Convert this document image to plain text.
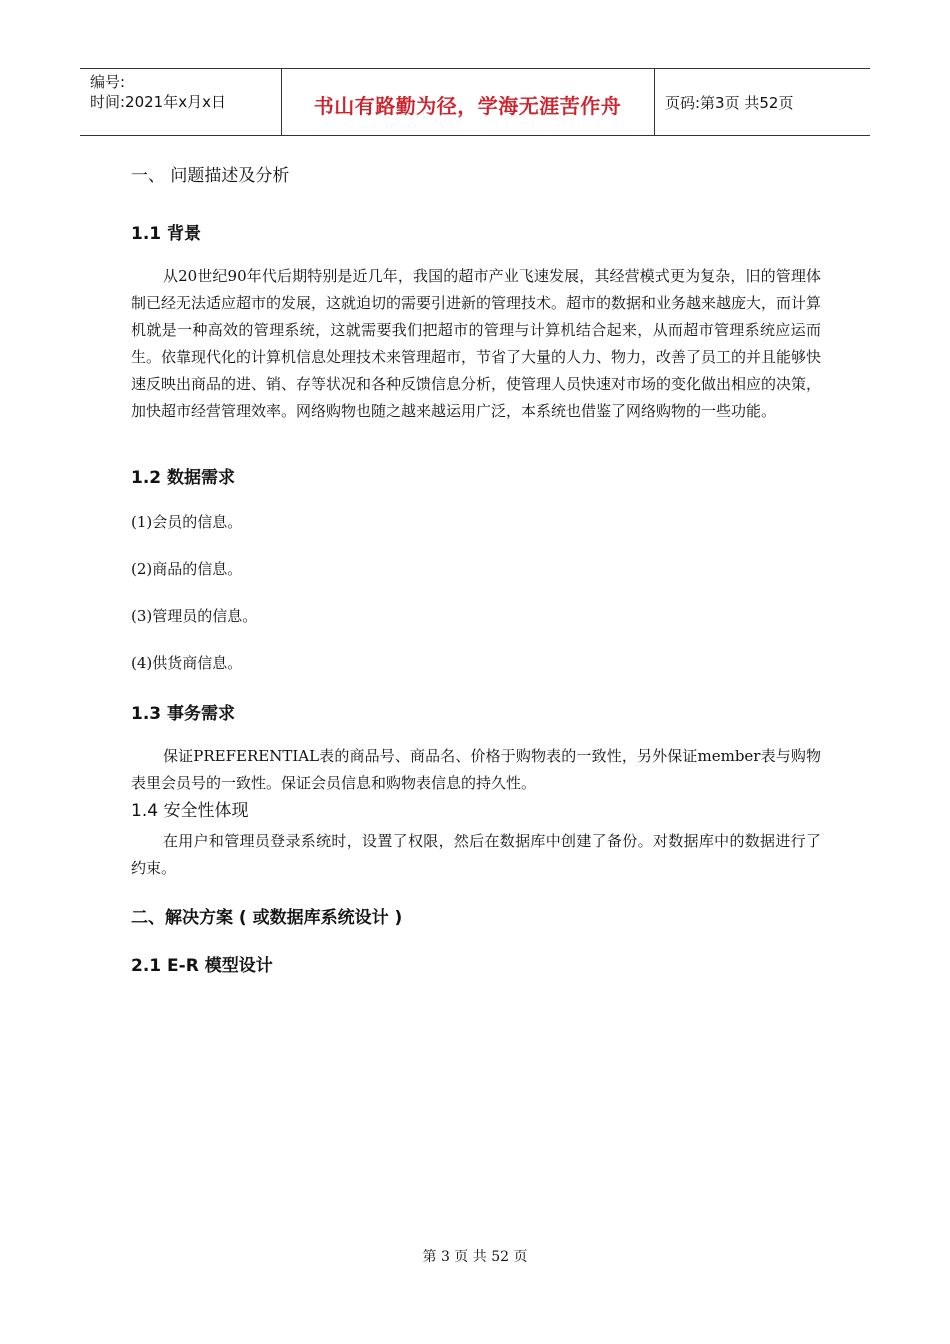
编号:
时间:2021年x月x日	书山有路勤为径，学海无涯苦作舟	页码:第3页 共52页
一、 问题描述及分析
1.1 背景
从20世纪90年代后期特别是近几年，我国的超市产业飞速发展，其经营模式更为复杂，旧的管理体制已经无法适应超市的发展，这就迫切的需要引进新的管理技术。超市的数据和业务越来越庞大，而计算机就是一种高效的管理系统，这就需要我们把超市的管理与计算机结合起来，从而超市管理系统应运而生。依靠现代化的计算机信息处理技术来管理超市，节省了大量的人力、物力，改善了员工的并且能够快速反映出商品的进、销、存等状况和各种反馈信息分析，使管理人员快速对市场的变化做出相应的决策，加快超市经营管理效率。网络购物也随之越来越运用广泛，本系统也借鉴了网络购物的一些功能。
1.2 数据需求
(1)会员的信息。
(2)商品的信息。
(3)管理员的信息。
(4)供货商信息。
1.3 事务需求
保证PREFERENTIAL表的商品号、商品名、价格于购物表的一致性，另外保证member表与购物表里会员号的一致性。保证会员信息和购物表信息的持久性。
1.4 安全性体现
在用户和管理员登录系统时，设置了权限，然后在数据库中创建了备份。对数据库中的数据进行了约束。
二、解决方案 ( 或数据库系统设计 )
2.1 E-R 模型设计
第 3 页 共 52 页
